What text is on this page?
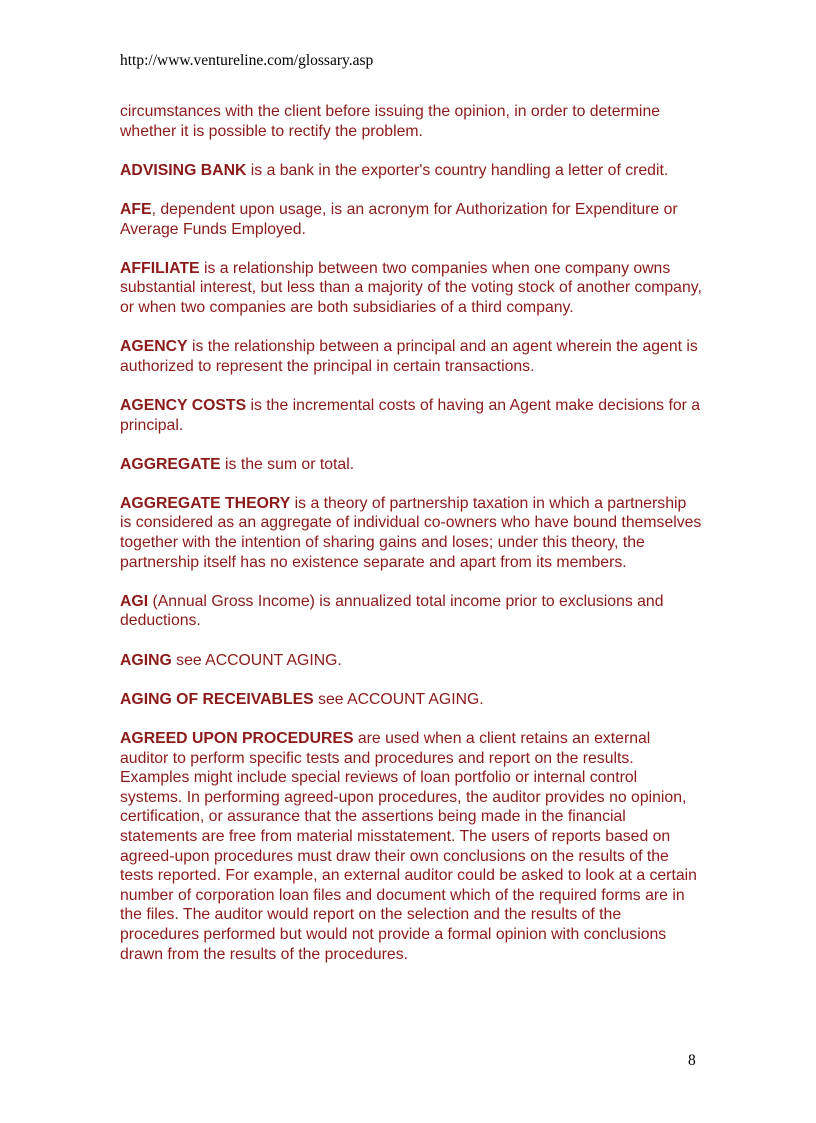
http://www.ventureline.com/glossary.asp

circumstances with the client before issuing the opinion, in order to determine whether it is possible to rectify the problem.

ADVISING BANK is a bank in the exporter's country handling a letter of credit.

AFE, dependent upon usage, is an acronym for Authorization for Expenditure or Average Funds Employed.

AFFILIATE is a relationship between two companies when one company owns substantial interest, but less than a majority of the voting stock of another company, or when two companies are both subsidiaries of a third company.

AGENCY is the relationship between a principal and an agent wherein the agent is authorized to represent the principal in certain transactions.

AGENCY COSTS is the incremental costs of having an Agent make decisions for a principal.

AGGREGATE is the sum or total.

AGGREGATE THEORY is a theory of partnership taxation in which a partnership is considered as an aggregate of individual co-owners who have bound themselves together with the intention of sharing gains and loses; under this theory, the partnership itself has no existence separate and apart from its members.

AGI (Annual Gross Income) is annualized total income prior to exclusions and deductions.

AGING see ACCOUNT AGING.

AGING OF RECEIVABLES see ACCOUNT AGING.

AGREED UPON PROCEDURES are used when a client retains an external auditor to perform specific tests and procedures and report on the results. Examples might include special reviews of loan portfolio or internal control systems. In performing agreed-upon procedures, the auditor provides no opinion, certification, or assurance that the assertions being made in the financial statements are free from material misstatement. The users of reports based on agreed-upon procedures must draw their own conclusions on the results of the tests reported. For example, an external auditor could be asked to look at a certain number of corporation loan files and document which of the required forms are in the files. The auditor would report on the selection and the results of the procedures performed but would not provide a formal opinion with conclusions drawn from the results of the procedures.

8
